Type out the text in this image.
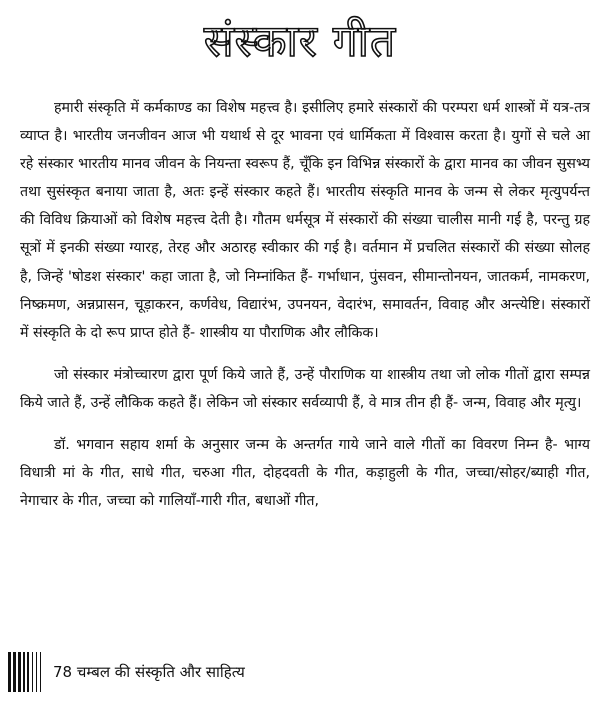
संस्कार गीत

हमारी संस्कृति में कर्मकाण्ड का विशेष महत्त्व है। इसीलिए हमारे संस्कारों की परम्परा धर्म शास्त्रों में यत्र-तत्र व्याप्त है। भारतीय जनजीवन आज भी यथार्थ से दूर भावना एवं धार्मिकता में विश्वास करता है। युगों से चले आ रहे संस्कार भारतीय मानव जीवन के नियन्ता स्वरूप हैं, चूँकि इन विभिन्न संस्कारों के द्वारा मानव का जीवन सुसभ्य तथा सुसंस्कृत बनाया जाता है, अतः इन्हें संस्कार कहते हैं। भारतीय संस्कृति मानव के जन्म से लेकर मृत्युपर्यन्त की विविध क्रियाओं को विशेष महत्त्व देती है। गौतम धर्मसूत्र में संस्कारों की संख्या चालीस मानी गई है, परन्तु ग्रह सूत्रों में इनकी संख्या ग्यारह, तेरह और अठारह स्वीकार की गई है। वर्तमान में प्रचलित संस्कारों की संख्या सोलह है, जिन्हें 'षोडश संस्कार' कहा जाता है, जो निम्नांकित हैं- गर्भाधान, पुंसवन, सीमान्तोनयन, जातकर्म, नामकरण, निष्क्रमण, अन्नप्रासन, चूड़ाकरन, कर्णवेध, विद्यारंभ, उपनयन, वेदारंभ, समावर्तन, विवाह और अन्त्येष्टि। संस्कारों में संस्कृति के दो रूप प्राप्त होते हैं- शास्त्रीय या पौराणिक और लौकिक।

जो संस्कार मंत्रोच्चारण द्वारा पूर्ण किये जाते हैं, उन्हें पौराणिक या शास्त्रीय तथा जो लोक गीतों द्वारा सम्पन्न किये जाते हैं, उन्हें लौकिक कहते हैं। लेकिन जो संस्कार सर्वव्यापी हैं, वे मात्र तीन ही हैं- जन्म, विवाह और मृत्यु।

डॉ. भगवान सहाय शर्मा के अनुसार जन्म के अन्तर्गत गाये जाने वाले गीतों का विवरण निम्न है- भाग्य विधात्री मां के गीत, साधे गीत, चरुआ गीत, दोहदवती के गीत, कड़ाहुली के गीत, जच्चा/सोहर/ब्याही गीत, नेगाचार के गीत, जच्चा को गालियाँ-गारी गीत, बधाओं गीत,

78 चम्बल की संस्कृति और साहित्य
